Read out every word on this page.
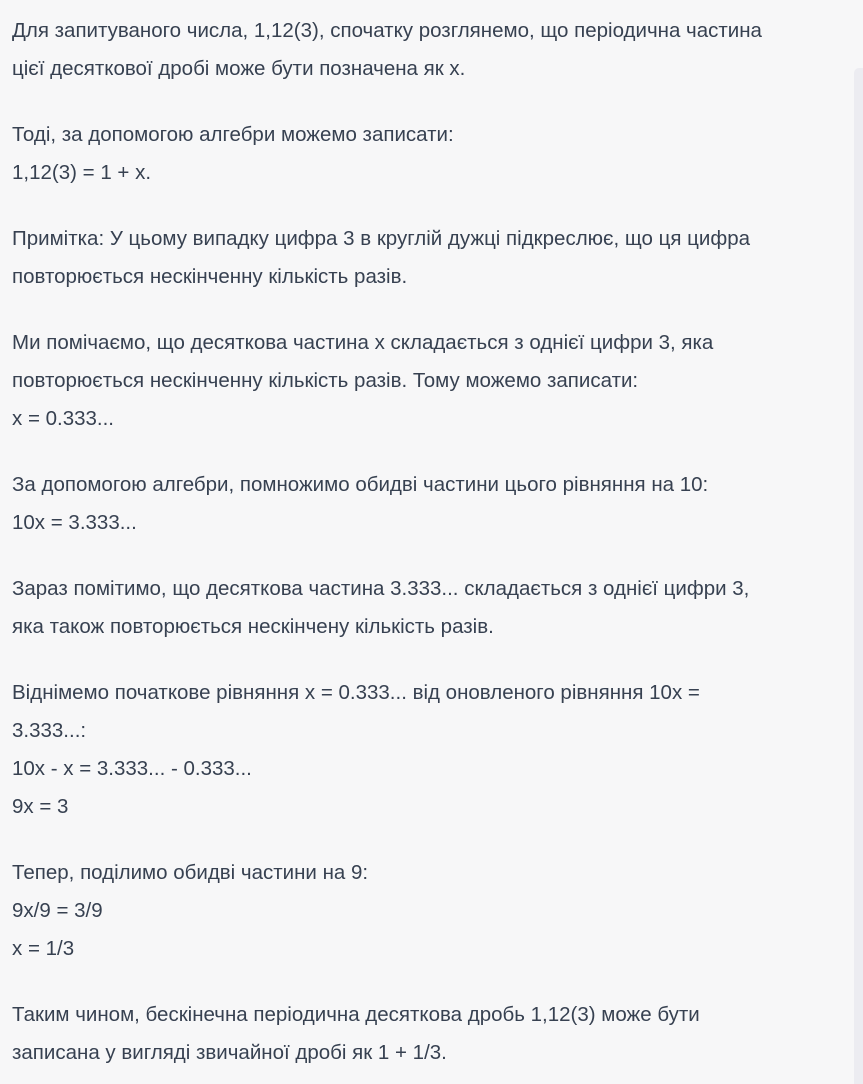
Для запитуваного числа, 1,12(3), спочатку розглянемо, що періодична частина
цієї десяткової дробі може бути позначена як x.

Тоді, за допомогою алгебри можемо записати:
1,12(3) = 1 + x.

Примітка: У цьому випадку цифра 3 в круглій дужці підкреслює, що ця цифра
повторюється нескінченну кількість разів.

Ми помічаємо, що десяткова частина x складається з однієї цифри 3, яка
повторюється нескінченну кількість разів. Тому можемо записати:
x = 0.333...

За допомогою алгебри, помножимо обидві частини цього рівняння на 10:
10x = 3.333...

Зараз помітимо, що десяткова частина 3.333... складається з однієї цифри 3,
яка також повторюється нескінчену кількість разів.

Віднімемо початкове рівняння x = 0.333... від оновленого рівняння 10x =
3.333...:
10x - x = 3.333... - 0.333...
9x = 3

Тепер, поділимо обидві частини на 9:
9x/9 = 3/9
x = 1/3

Таким чином, бескінечна періодична десяткова дробь 1,12(3) може бути
записана у вигляді звичайної дробі як 1 + 1/3.
